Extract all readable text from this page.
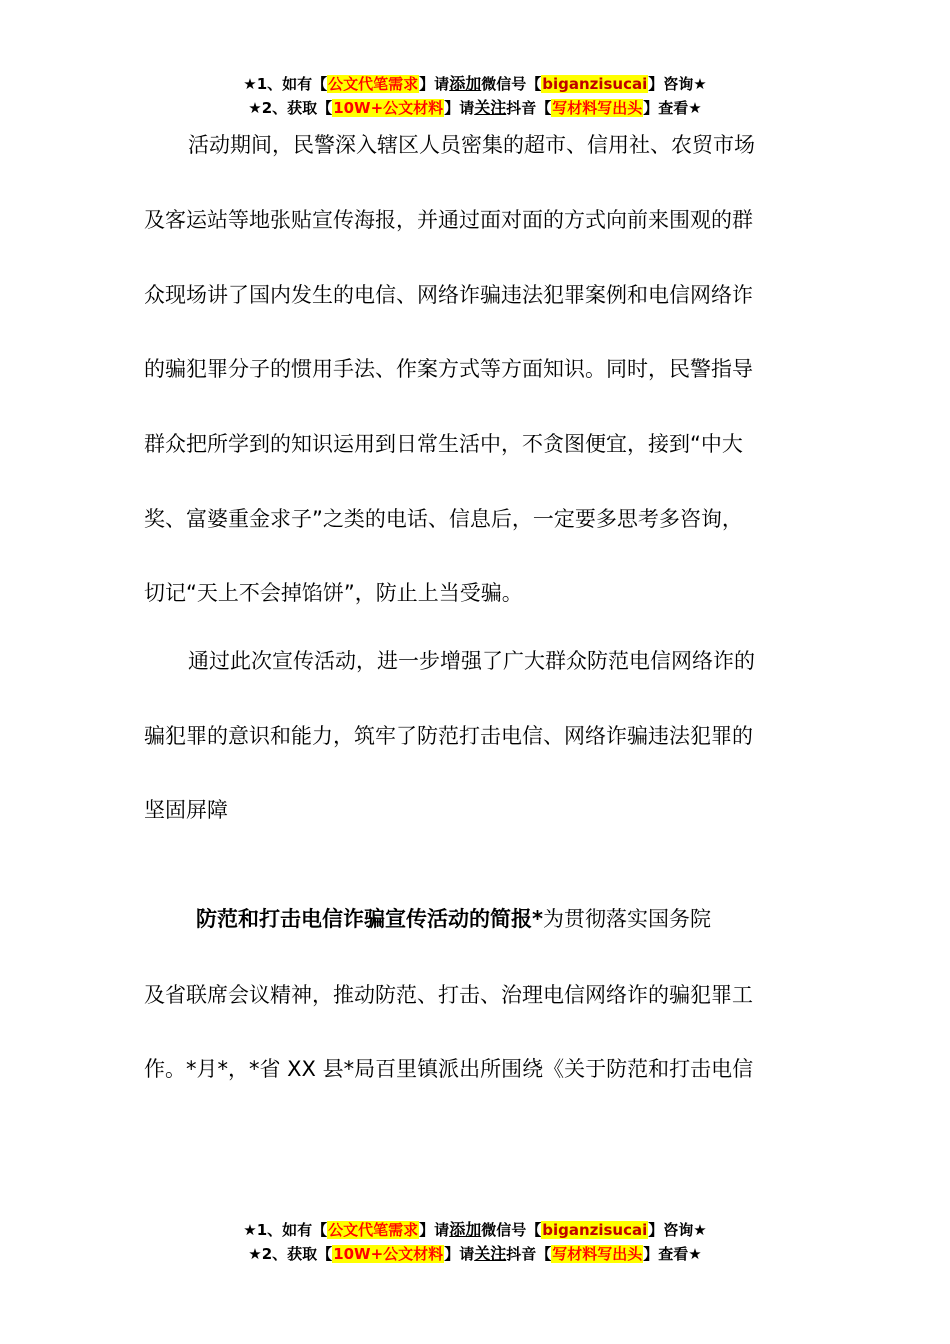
★1、如有【公文代笔需求】请添加微信号【biganzisucai】咨询★
★2、获取【10W+公文材料】请关注抖音【写材料写出头】查看★
活动期间，民警深入辖区人员密集的超市、信用社、农贸市场
及客运站等地张贴宣传海报，并通过面对面的方式向前来围观的群
众现场讲了国内发生的电信、网络诈骗违法犯罪案例和电信网络诈
的骗犯罪分子的惯用手法、作案方式等方面知识。同时，民警指导
群众把所学到的知识运用到日常生活中，不贪图便宜，接到“中大
奖、富婆重金求子”之类的电话、信息后，一定要多思考多咨询，
切记“天上不会掉馅饼”，防止上当受骗。
通过此次宣传活动，进一步增强了广大群众防范电信网络诈的
骗犯罪的意识和能力，筑牢了防范打击电信、网络诈骗违法犯罪的
坚固屏障
防范和打击电信诈骗宣传活动的简报*为贯彻落实国务院
及省联席会议精神，推动防范、打击、治理电信网络诈的骗犯罪工
作。*月*，*省 XX 县*局百里镇派出所围绕《关于防范和打击电信
★1、如有【公文代笔需求】请添加微信号【biganzisucai】咨询★
★2、获取【10W+公文材料】请关注抖音【写材料写出头】查看★
